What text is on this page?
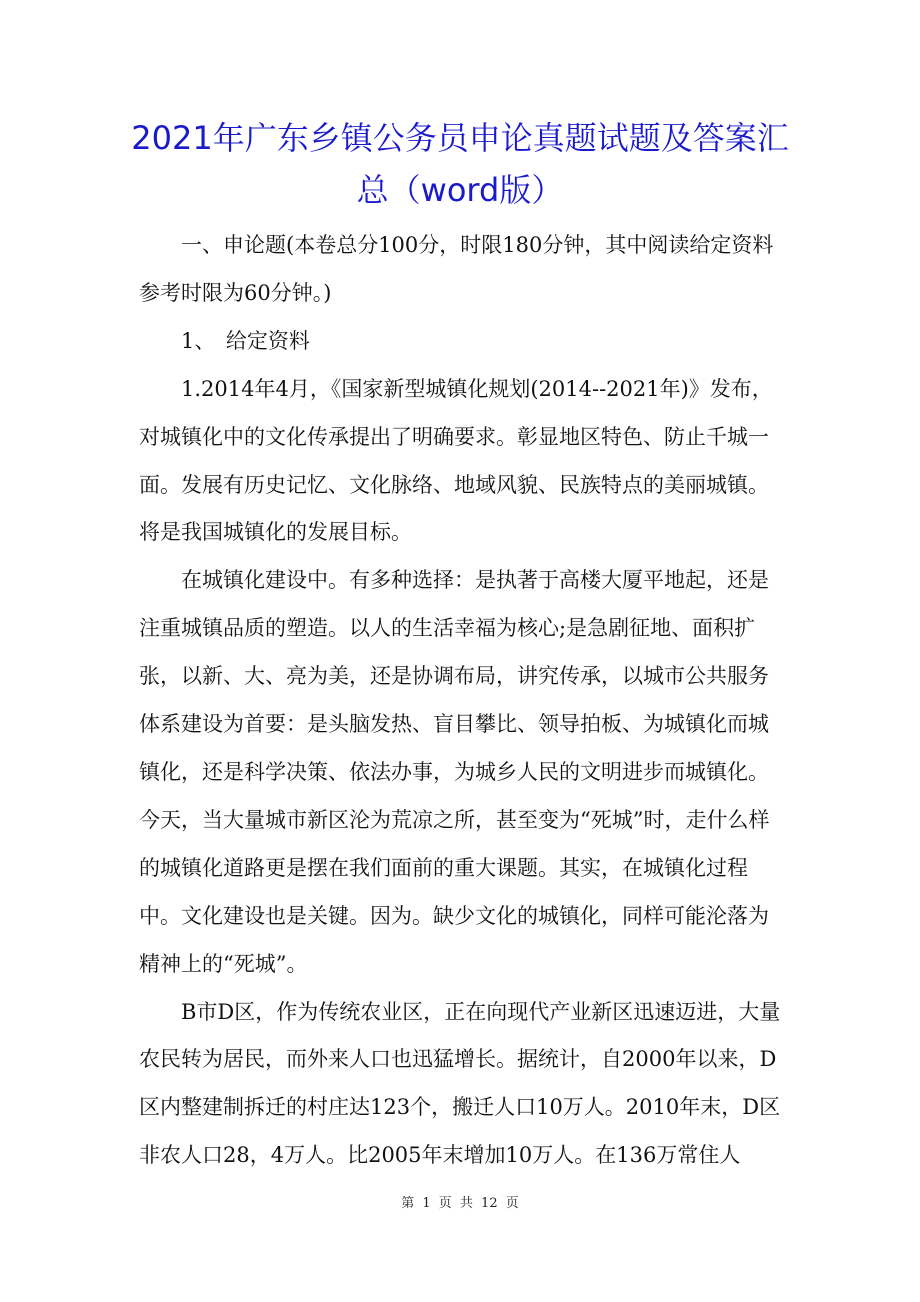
2021年广东乡镇公务员申论真题试题及答案汇总（word版）

一、申论题(本卷总分100分，时限180分钟，其中阅读给定资料参考时限为60分钟。)

1、　给定资料

1.2014年4月，《国家新型城镇化规划(2014--2021年)》发布，对城镇化中的文化传承提出了明确要求。彰显地区特色、防止千城一面。发展有历史记忆、文化脉络、地域风貌、民族特点的美丽城镇。将是我国城镇化的发展目标。

在城镇化建设中。有多种选择：是执著于高楼大厦平地起，还是注重城镇品质的塑造。以人的生活幸福为核心;是急剧征地、面积扩张，以新、大、亮为美，还是协调布局，讲究传承，以城市公共服务体系建设为首要：是头脑发热、盲目攀比、领导拍板、为城镇化而城镇化，还是科学决策、依法办事，为城乡人民的文明进步而城镇化。今天，当大量城市新区沦为荒凉之所，甚至变为“死城”时，走什么样的城镇化道路更是摆在我们面前的重大课题。其实，在城镇化过程中。文化建设也是关键。因为。缺少文化的城镇化，同样可能沦落为精神上的“死城”。

B市D区，作为传统农业区，正在向现代产业新区迅速迈进，大量农民转为居民，而外来人口也迅猛增长。据统计，自2000年以来，D区内整建制拆迁的村庄达123个，搬迁人口10万人。2010年末，D区非农人口28，4万人。比2005年末增加10万人。在136万常住人

第 1 页 共 12 页
